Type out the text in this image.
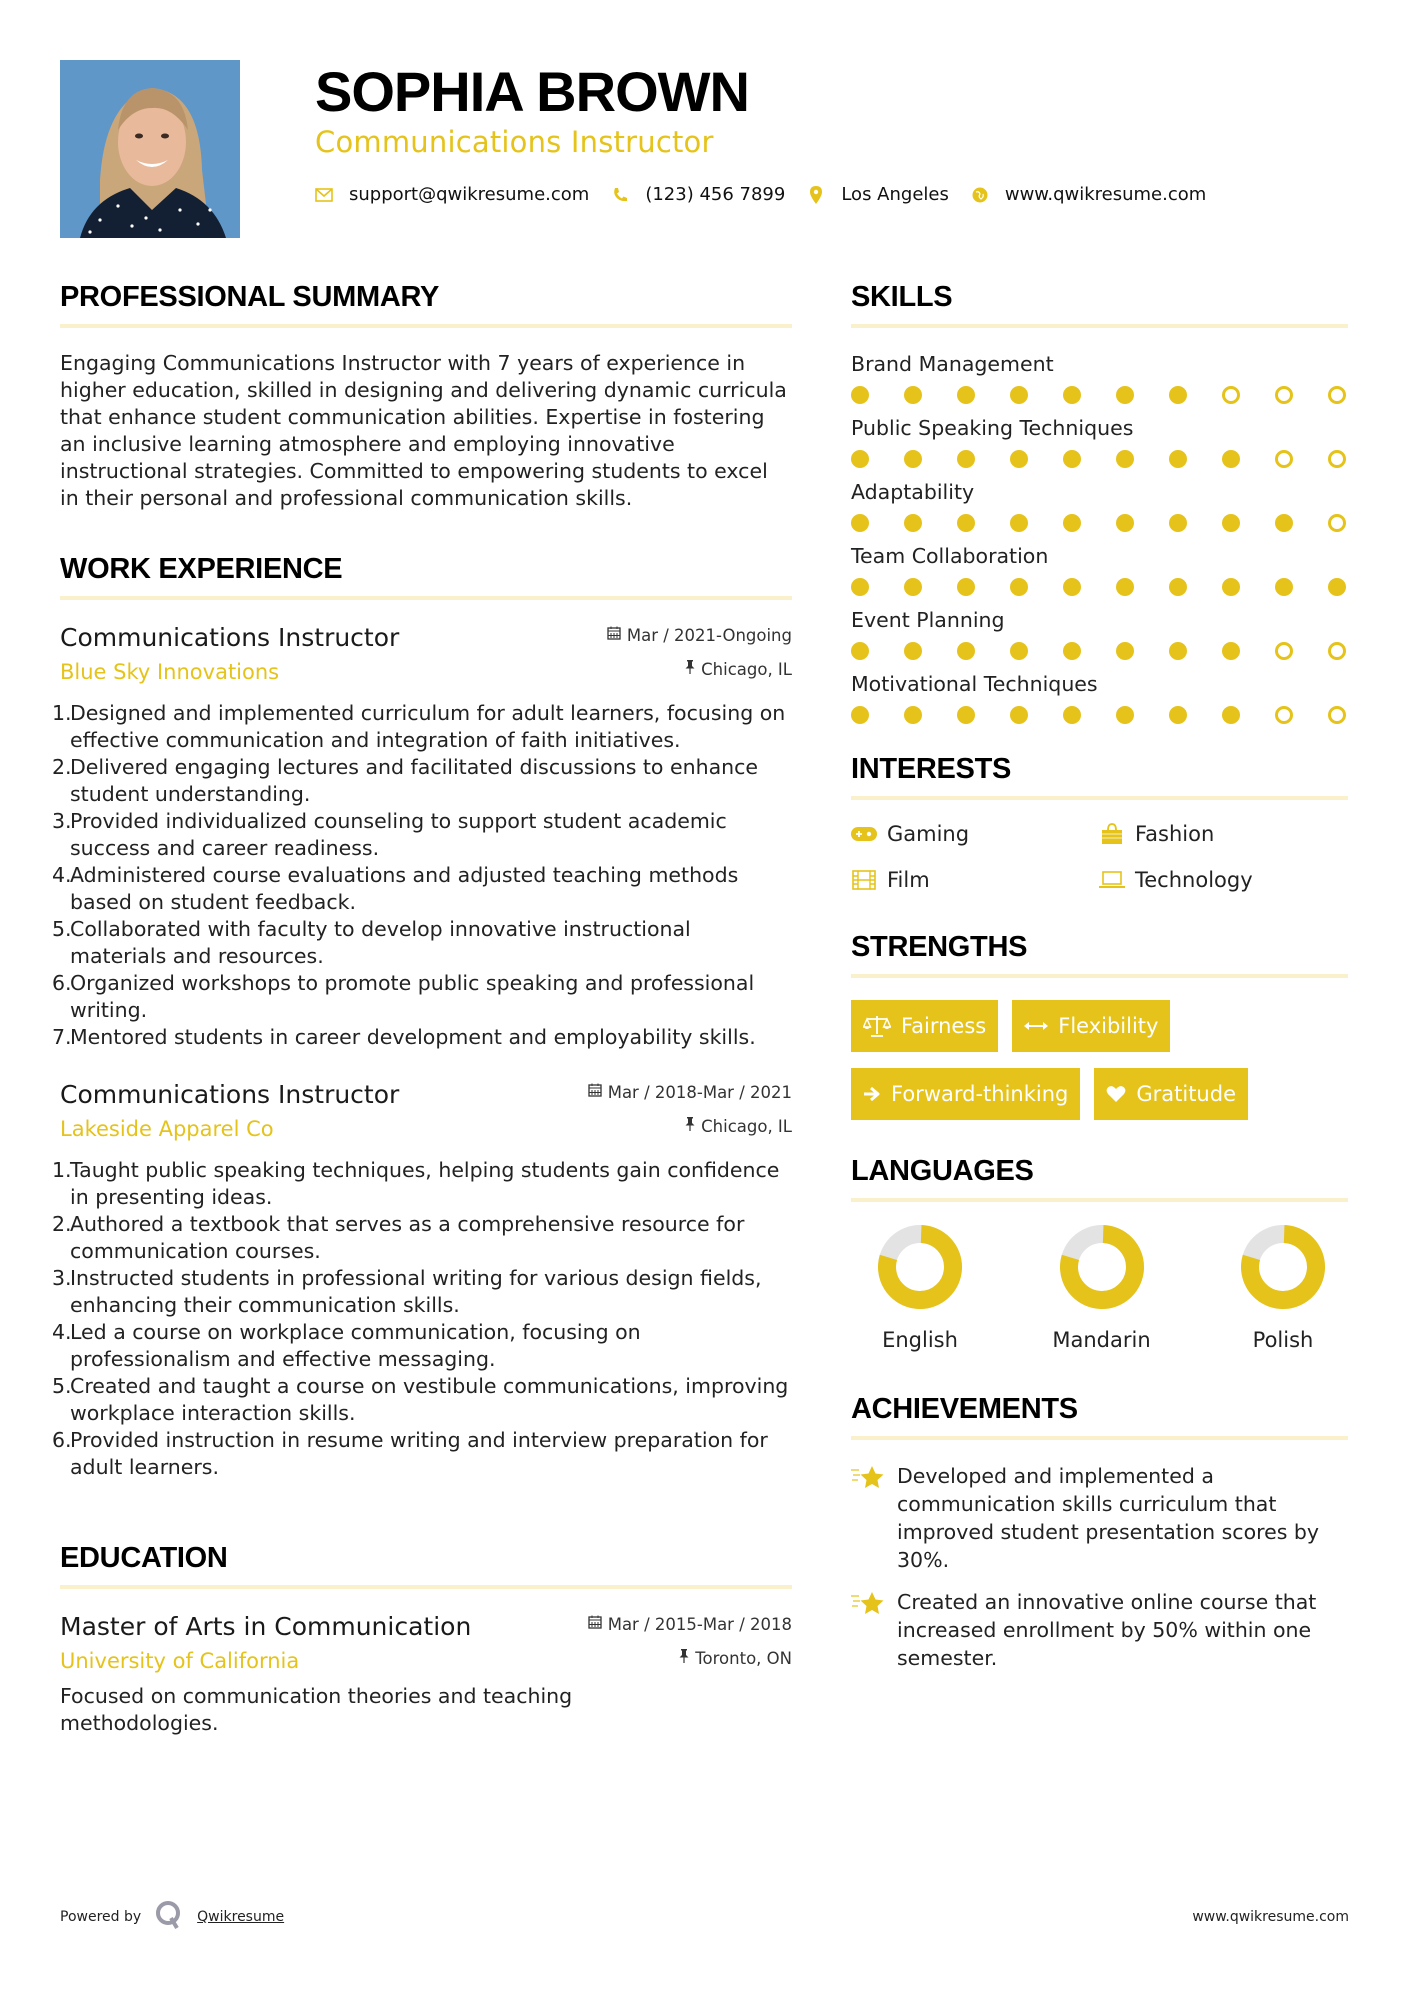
SOPHIA BROWN
Communications Instructor
support@qwikresume.com	(123) 456 7899	Los Angeles	www.qwikresume.com
PROFESSIONAL SUMMARY

Engaging Communications Instructor with 7 years of experience in higher education, skilled in designing and delivering dynamic curricula that enhance student communication abilities. Expertise in fostering an inclusive learning atmosphere and employing innovative instructional strategies. Committed to empowering students to excel in their personal and professional communication skills.

WORK EXPERIENCE
Communications Instructor
Blue Sky Innovations
Mar / 2021-Ongoing
Chicago, IL
1.
Designed and implemented curriculum for adult learners, focusing on effective communication and integration of faith initiatives.
2.
Delivered engaging lectures and facilitated discussions to enhance student understanding.
3.
Provided individualized counseling to support student academic success and career readiness.
4.
Administered course evaluations and adjusted teaching methods based on student feedback.
5.
Collaborated with faculty to develop innovative instructional materials and resources.
6.
Organized workshops to promote public speaking and professional writing.
7.
Mentored students in career development and employability skills.
Communications Instructor
Lakeside Apparel Co
Mar / 2018-Mar / 2021
Chicago, IL
1.
Taught public speaking techniques, helping students gain confidence in presenting ideas.
2.
Authored a textbook that serves as a comprehensive resource for communication courses.
3.
Instructed students in professional writing for various design fields, enhancing their communication skills.
4.
Led a course on workplace communication, focusing on professionalism and effective messaging.
5.
Created and taught a course on vestibule communications, improving workplace interaction skills.
6.
Provided instruction in resume writing and interview preparation for adult learners.
EDUCATION
Master of Arts in Communication
University of California
Mar / 2015-Mar / 2018
Toronto, ON

Focused on communication theories and teaching methodologies.

SKILLS
Brand Management
Public Speaking Techniques
Adaptability
Team Collaboration
Event Planning
Motivational Techniques
INTERESTS
Gaming	Fashion
Film	Technology
STRENGTHS
Fairness	Flexibility
Forward-thinking	Gratitude
LANGUAGES
English	Mandarin	Polish
ACHIEVEMENTS
Developed and implemented a communication skills curriculum that improved student presentation scores by 30%.
Created an innovative online course that increased enrollment by 50% within one semester.
Powered by	Qwikresume	www.qwikresume.com
